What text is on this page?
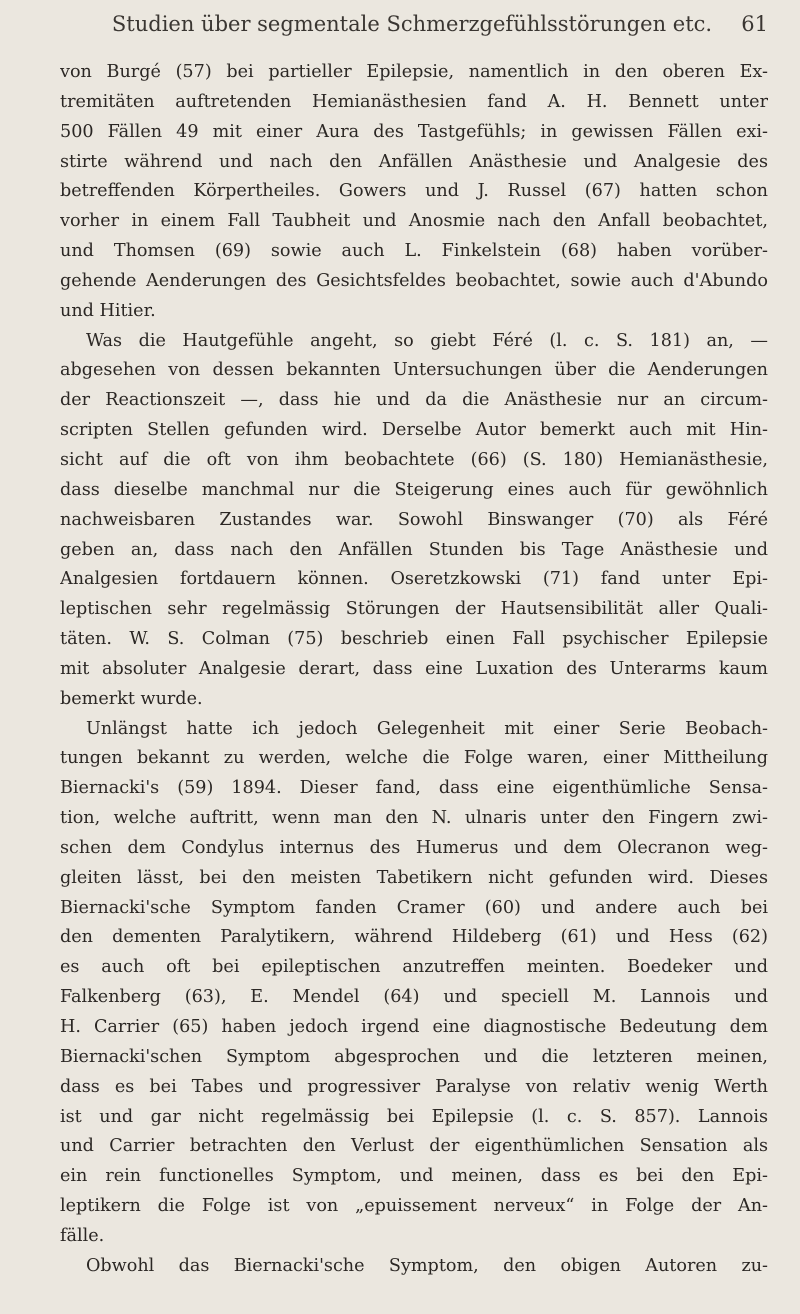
Studien über segmentale Schmerzgefühlsstörungen etc.	61
von Burgé (57) bei partieller Epilepsie, namentlich in den oberen Ex-
tremitäten auftretenden Hemianästhesien fand A. H. Bennett unter
500 Fällen 49 mit einer Aura des Tastgefühls; in gewissen Fällen exi-
stirte während und nach den Anfällen Anästhesie und Analgesie des
betreffenden Körpertheiles. Gowers und J. Russel (67) hatten schon
vorher in einem Fall Taubheit und Anosmie nach den Anfall beobachtet,
und Thomsen (69) sowie auch L. Finkelstein (68) haben vorüber-
gehende Aenderungen des Gesichtsfeldes beobachtet, sowie auch d'Abundo
und Hitier.
Was die Hautgefühle angeht, so giebt Féré (l. c. S. 181) an, —
abgesehen von dessen bekannten Untersuchungen über die Aenderungen
der Reactionszeit —, dass hie und da die Anästhesie nur an circum-
scripten Stellen gefunden wird. Derselbe Autor bemerkt auch mit Hin-
sicht auf die oft von ihm beobachtete (66) (S. 180) Hemianästhesie,
dass dieselbe manchmal nur die Steigerung eines auch für gewöhnlich
nachweisbaren Zustandes war. Sowohl Binswanger (70) als Féré
geben an, dass nach den Anfällen Stunden bis Tage Anästhesie und
Analgesien fortdauern können. Oseretzkowski (71) fand unter Epi-
leptischen sehr regelmässig Störungen der Hautsensibilität aller Quali-
täten. W. S. Colman (75) beschrieb einen Fall psychischer Epilepsie
mit absoluter Analgesie derart, dass eine Luxation des Unterarms kaum
bemerkt wurde.
Unlängst hatte ich jedoch Gelegenheit mit einer Serie Beobach-
tungen bekannt zu werden, welche die Folge waren, einer Mittheilung
Biernacki's (59) 1894. Dieser fand, dass eine eigenthümliche Sensa-
tion, welche auftritt, wenn man den N. ulnaris unter den Fingern zwi-
schen dem Condylus internus des Humerus und dem Olecranon weg-
gleiten lässt, bei den meisten Tabetikern nicht gefunden wird. Dieses
Biernacki'sche Symptom fanden Cramer (60) und andere auch bei
den dementen Paralytikern, während Hildeberg (61) und Hess (62)
es auch oft bei epileptischen anzutreffen meinten. Boedeker und
Falkenberg (63), E. Mendel (64) und speciell M. Lannois und
H. Carrier (65) haben jedoch irgend eine diagnostische Bedeutung dem
Biernacki'schen Symptom abgesprochen und die letzteren meinen,
dass es bei Tabes und progressiver Paralyse von relativ wenig Werth
ist und gar nicht regelmässig bei Epilepsie (l. c. S. 857). Lannois
und Carrier betrachten den Verlust der eigenthümlichen Sensation als
ein rein functionelles Symptom, und meinen, dass es bei den Epi-
leptikern die Folge ist von „epuissement nerveux“ in Folge der An-
fälle.
Obwohl das Biernacki'sche Symptom, den obigen Autoren zu-
